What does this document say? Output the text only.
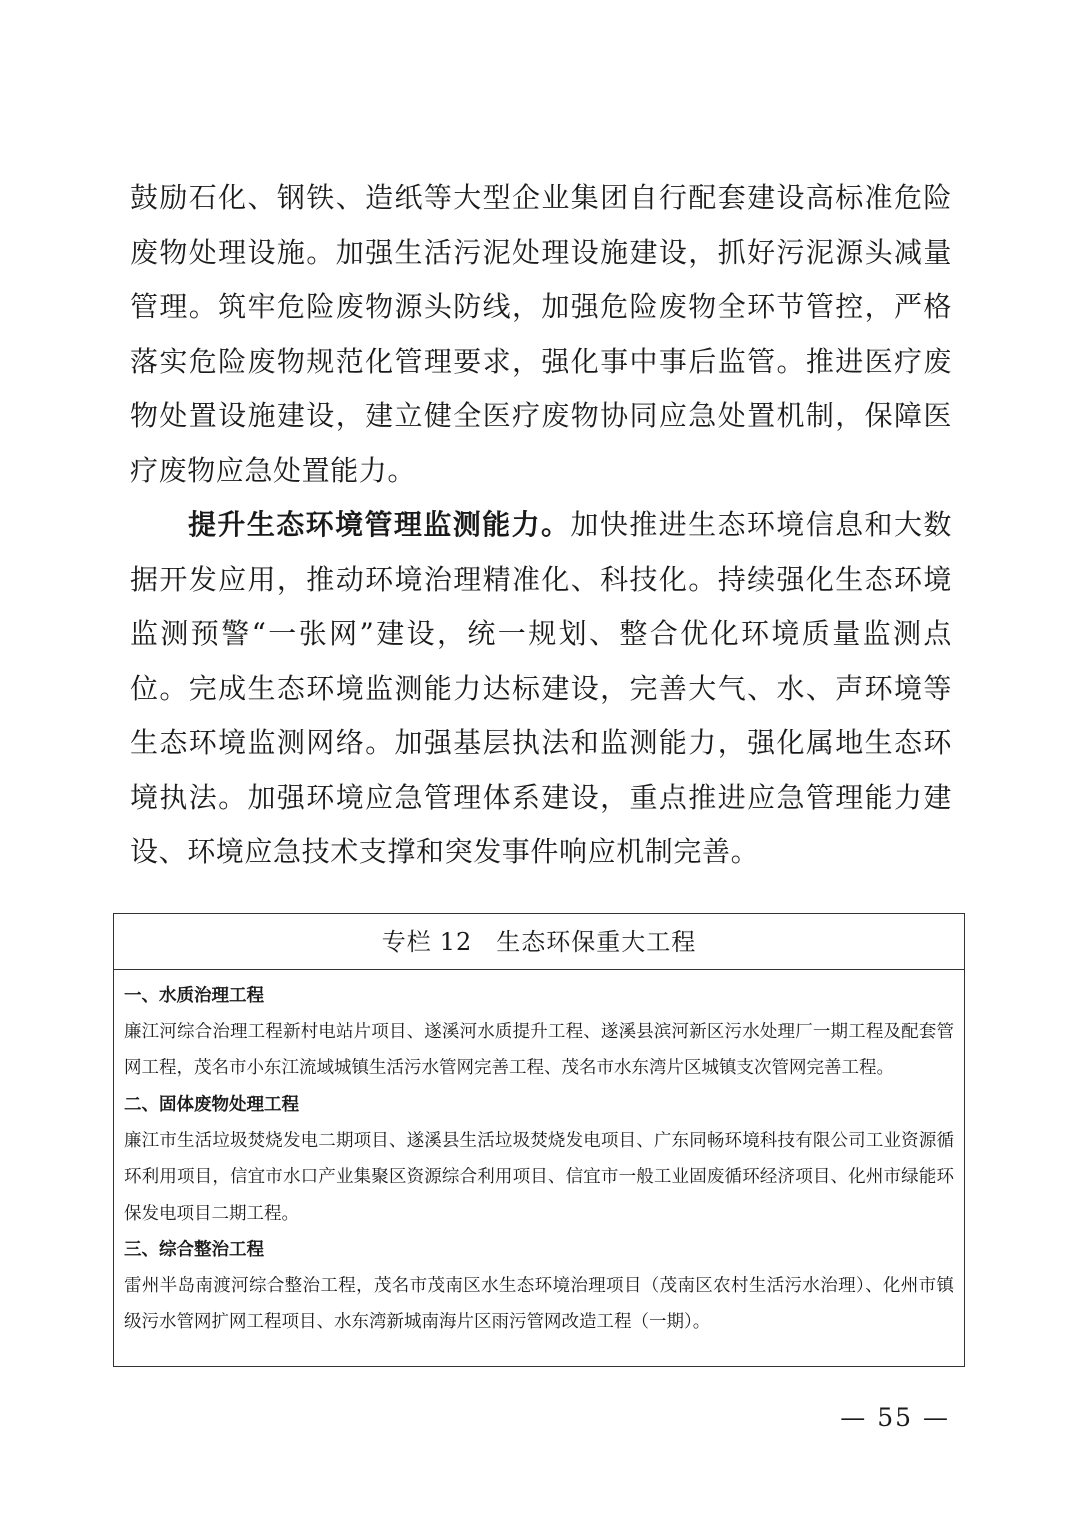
鼓励石化、钢铁、造纸等大型企业集团自行配套建设高标准危险废物处理设施。加强生活污泥处理设施建设，抓好污泥源头减量管理。筑牢危险废物源头防线，加强危险废物全环节管控，严格落实危险废物规范化管理要求，强化事中事后监管。推进医疗废物处置设施建设，建立健全医疗废物协同应急处置机制，保障医疗废物应急处置能力。

提升生态环境管理监测能力。加快推进生态环境信息和大数据开发应用，推动环境治理精准化、科技化。持续强化生态环境监测预警“一张网”建设，统一规划、整合优化环境质量监测点位。完成生态环境监测能力达标建设，完善大气、水、声环境等生态环境监测网络。加强基层执法和监测能力，强化属地生态环境执法。加强环境应急管理体系建设，重点推进应急管理能力建设、环境应急技术支撑和突发事件响应机制完善。

专栏 12 生态环保重大工程

一、水质治理工程

廉江河综合治理工程新村电站片项目、遂溪河水质提升工程、遂溪县滨河新区污水处理厂一期工程及配套管网工程，茂名市小东江流域城镇生活污水管网完善工程、茂名市水东湾片区城镇支次管网完善工程。

二、固体废物处理工程

廉江市生活垃圾焚烧发电二期项目、遂溪县生活垃圾焚烧发电项目、广东同畅环境科技有限公司工业资源循环利用项目，信宜市水口产业集聚区资源综合利用项目、信宜市一般工业固废循环经济项目、化州市绿能环保发电项目二期工程。

三、综合整治工程

雷州半岛南渡河综合整治工程，茂名市茂南区水生态环境治理项目（茂南区农村生活污水治理）、化州市镇级污水管网扩网工程项目、水东湾新城南海片区雨污管网改造工程（一期）。

— 55 —
